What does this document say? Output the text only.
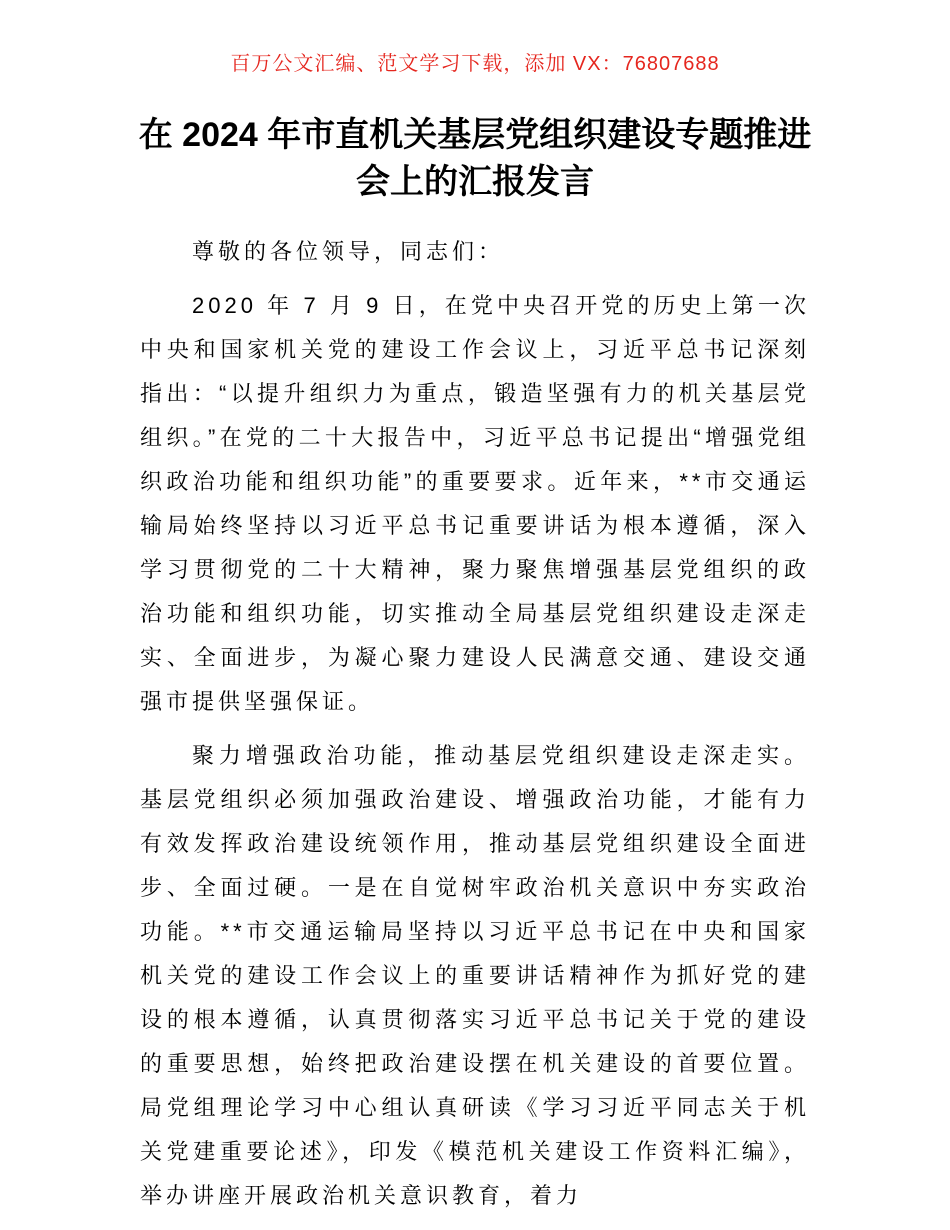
百万公文汇编、范文学习下载，添加 VX：76807688
在 2024 年市直机关基层党组织建设专题推进会上的汇报发言

尊敬的各位领导，同志们：

2020 年 7 月 9 日，在党中央召开党的历史上第一次中央和国家机关党的建设工作会议上，习近平总书记深刻指出：“以提升组织力为重点，锻造坚强有力的机关基层党组织。”在党的二十大报告中，习近平总书记提出“增强党组织政治功能和组织功能”的重要要求。近年来，**市交通运输局始终坚持以习近平总书记重要讲话为根本遵循，深入学习贯彻党的二十大精神，聚力聚焦增强基层党组织的政治功能和组织功能，切实推动全局基层党组织建设走深走实、全面进步，为凝心聚力建设人民满意交通、建设交通强市提供坚强保证。

聚力增强政治功能，推动基层党组织建设走深走实。基层党组织必须加强政治建设、增强政治功能，才能有力有效发挥政治建设统领作用，推动基层党组织建设全面进步、全面过硬。一是在自觉树牢政治机关意识中夯实政治功能。**市交通运输局坚持以习近平总书记在中央和国家机关党的建设工作会议上的重要讲话精神作为抓好党的建设的根本遵循，认真贯彻落实习近平总书记关于党的建设的重要思想，始终把政治建设摆在机关建设的首要位置。局党组理论学习中心组认真研读《学习习近平同志关于机关党建重要论述》，印发《模范机关建设工作资料汇编》，举办讲座开展政治机关意识教育，着力
